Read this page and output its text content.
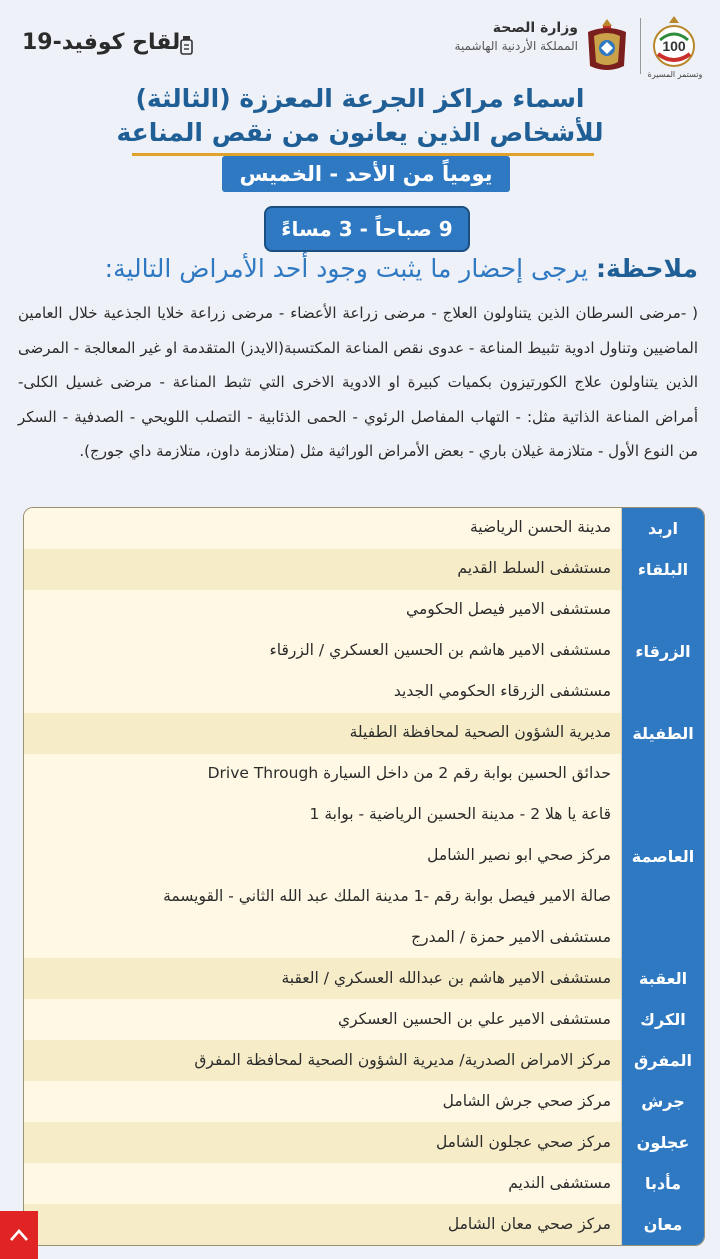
لقاح كوفيد-19
وزارة الصحة
المملكة الأردنية الهاشمية	100
وتستمر المسيرة
اسماء مراكز الجرعة المعززة (الثالثة)
للأشخاص الذين يعانون من نقص المناعة
يومياً من الأحد - الخميس
9 صباحاً - 3 مساءً
ملاحظة: يرجى إحضار ما يثبت وجود أحد الأمراض التالية:
( -مرضى السرطان الذين يتناولون العلاج - مرضى زراعة الأعضاء - مرضى زراعة خلايا الجذعية خلال العامين الماضيين وتناول ادوية تثبيط المناعة - عدوى نقص المناعة المكتسبة(الايدز) المتقدمة او غير المعالجة - المرضى الذين يتناولون علاج الكورتيزون بكميات كبيرة او الادوية الاخرى التي تثبط المناعة - مرضى غسيل الكلى- أمراض المناعة الذاتية مثل: - التهاب المفاصل الرئوي - الحمى الذئابية - التصلب اللويحي - الصدفية - السكر من النوع الأول - متلازمة غيلان باري - بعض الأمراض الوراثية مثل (متلازمة داون، متلازمة داي جورج).
اربد
مدينة الحسن الرياضية
البلقاء
مستشفى السلط القديم
الزرقاء
مستشفى الامير فيصل الحكومي
مستشفى الامير هاشم بن الحسين العسكري / الزرقاء
مستشفى الزرقاء الحكومي الجديد
الطفيلة
مديرية الشؤون الصحية لمحافظة الطفيلة
العاصمة
حدائق الحسين بوابة رقم 2 من داخل السيارة Drive Through
قاعة يا هلا 2 - مدينة الحسين الرياضية - بوابة 1
مركز صحي ابو نصير الشامل
صالة الامير فيصل بوابة رقم -1 مدينة الملك عبد الله الثاني - القويسمة
مستشفى الامير حمزة / المدرج
العقبة
مستشفى الامير هاشم بن عبدالله العسكري / العقبة
الكرك
مستشفى الامير علي بن الحسين العسكري
المفرق
مركز الامراض الصدرية/ مديرية الشؤون الصحية لمحافظة المفرق
جرش
مركز صحي جرش الشامل
عجلون
مركز صحي عجلون الشامل
مأدبا
مستشفى النديم
معان
مركز صحي معان الشامل
